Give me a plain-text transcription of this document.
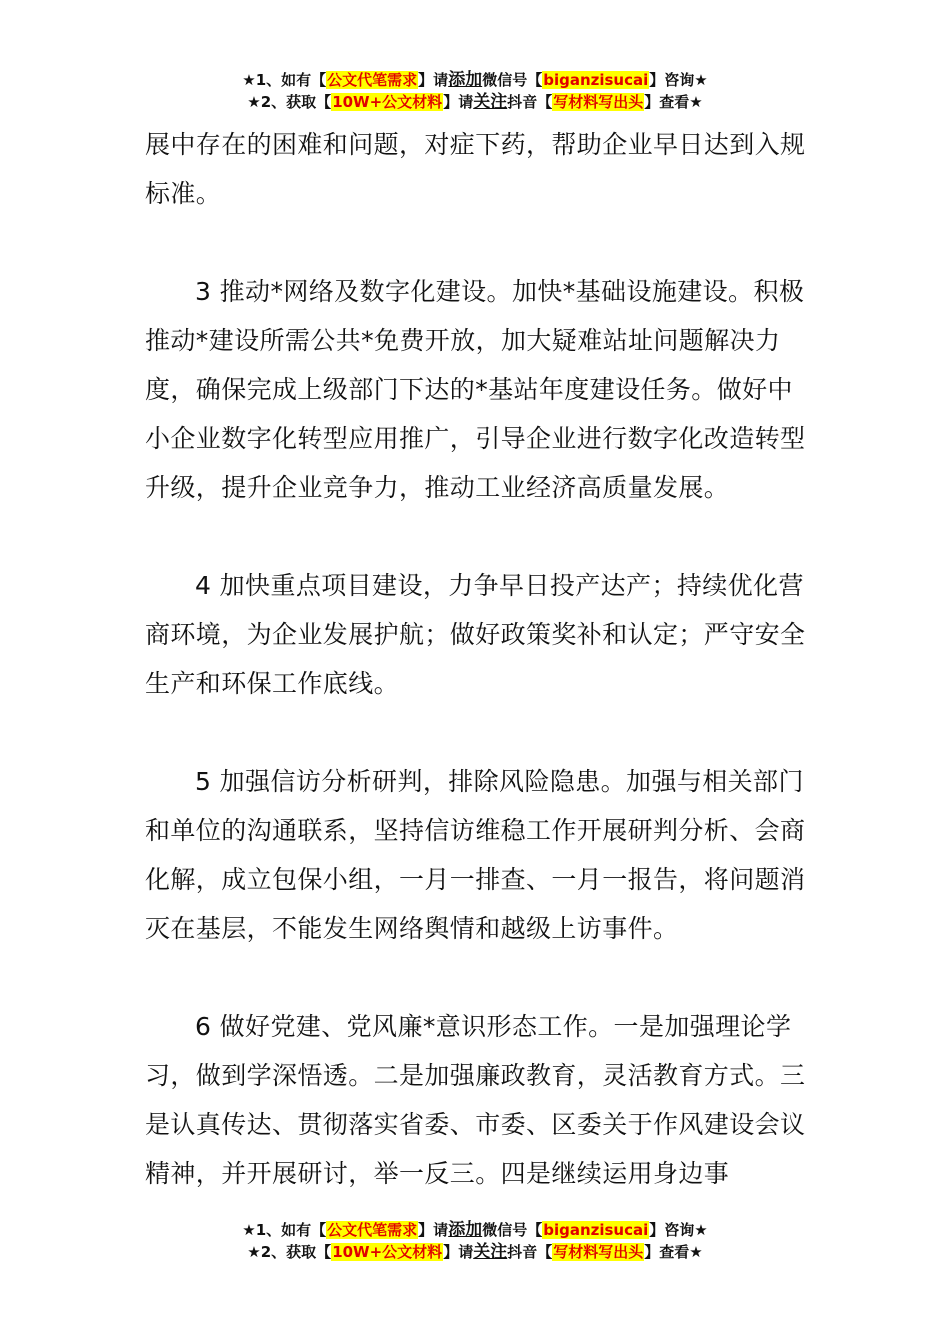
★1、如有【公文代笔需求】请添加微信号【biganzisucai】咨询★
★2、获取【10W+公文材料】请关注抖音【写材料写出头】查看★

展中存在的困难和问题，对症下药，帮助企业早日达到入规标准。

3 推动*网络及数字化建设。加快*基础设施建设。积极推动*建设所需公共*免费开放，加大疑难站址问题解决力度，确保完成上级部门下达的*基站年度建设任务。做好中小企业数字化转型应用推广，引导企业进行数字化改造转型升级，提升企业竞争力，推动工业经济高质量发展。

4 加快重点项目建设，力争早日投产达产；持续优化营商环境，为企业发展护航；做好政策奖补和认定；严守安全生产和环保工作底线。

5 加强信访分析研判，排除风险隐患。加强与相关部门和单位的沟通联系，坚持信访维稳工作开展研判分析、会商化解，成立包保小组，一月一排查、一月一报告，将问题消灭在基层，不能发生网络舆情和越级上访事件。

6 做好党建、党风廉*意识形态工作。一是加强理论学习，做到学深悟透。二是加强廉政教育，灵活教育方式。三是认真传达、贯彻落实省委、市委、区委关于作风建设会议精神，并开展研讨，举一反三。四是继续运用身边事

★1、如有【公文代笔需求】请添加微信号【biganzisucai】咨询★
★2、获取【10W+公文材料】请关注抖音【写材料写出头】查看★
